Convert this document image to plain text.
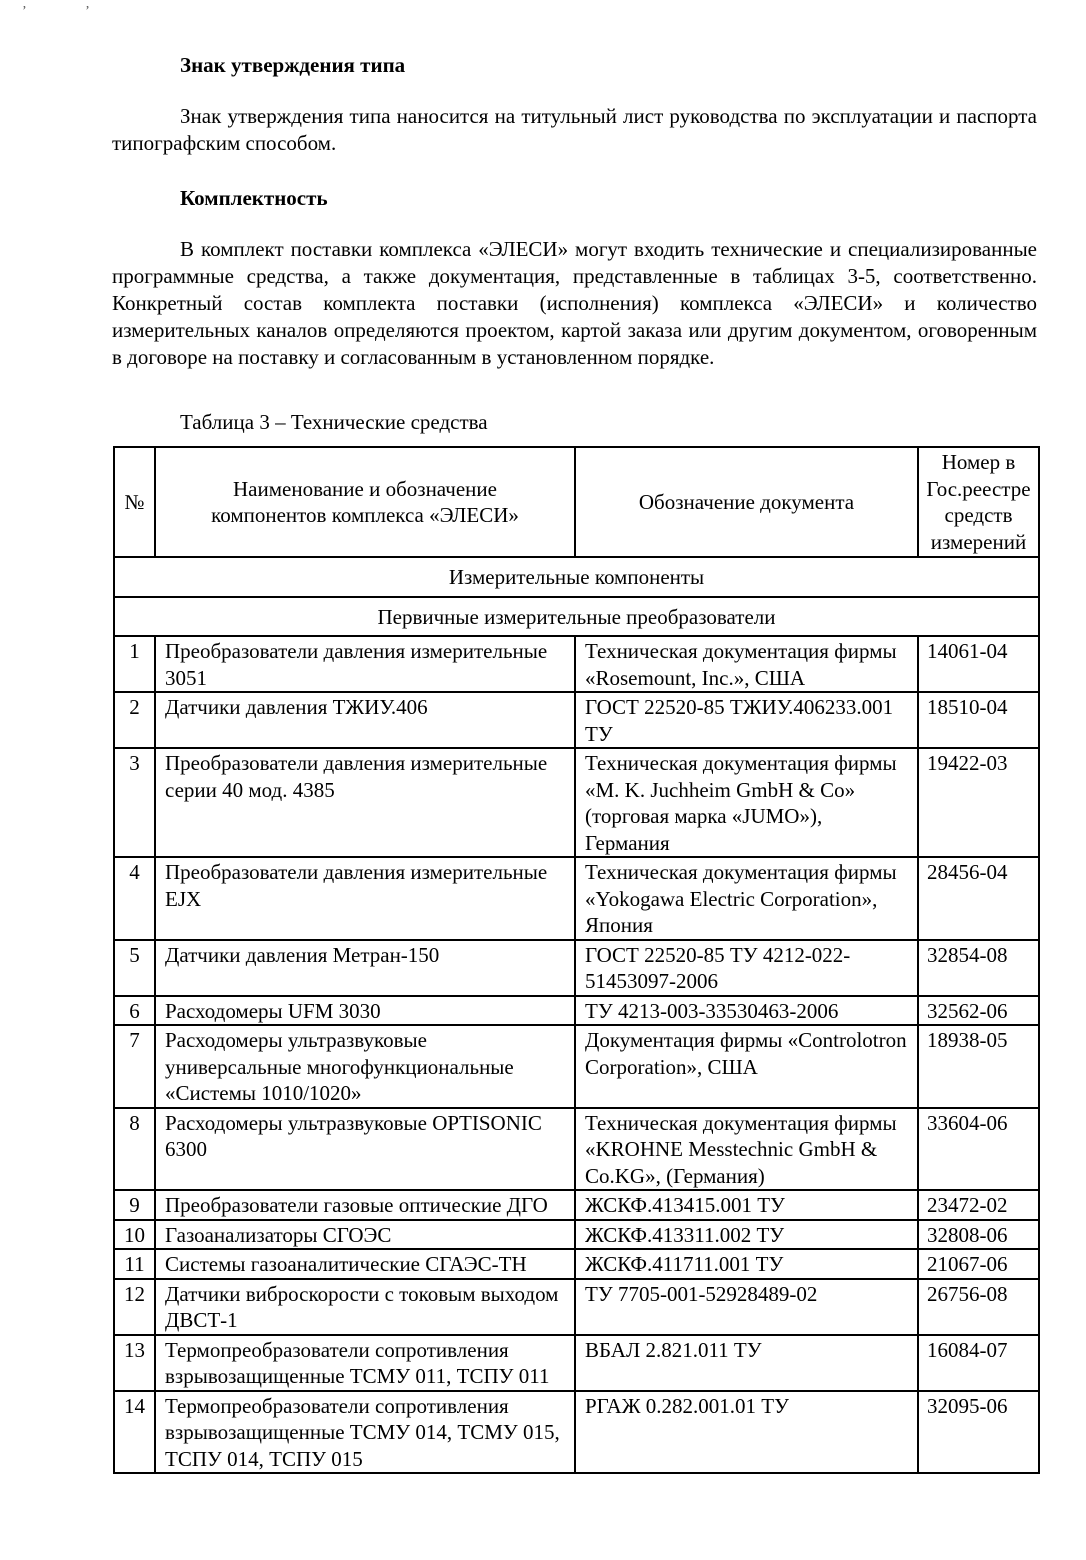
’ ’

Знак утверждения типа

Знак утверждения типа наносится на титульный лист руководства по эксплуатации и паспорта типографским способом.

Комплектность

В комплект поставки комплекса «ЭЛЕСИ» могут входить технические и специализированные программные средства, а также документация, представленные в таблицах 3-5, соответственно. Конкретный состав комплекта поставки (исполнения) комплекса «ЭЛЕСИ» и количество измерительных каналов определяются проектом, картой заказа или другим документом, оговоренным в договоре на поставку и согласованным в установленном порядке.

Таблица 3 – Технические средства

№	Наименование и обозначение компонентов комплекса «ЭЛЕСИ»	Обозначение документа	Номер в Гос.реестре средств измерений
Измерительные компоненты			
Первичные измерительные преобразователи			
1	Преобразователи давления измерительные 3051	Техническая документация фирмы «Rosemount, Inc.», США	14061-04
2	Датчики давления ТЖИУ.406	ГОСТ 22520-85 ТЖИУ.406233.001 ТУ	18510-04
3	Преобразователи давления измерительные серии 40 мод. 4385	Техническая документация фирмы «M. K. Juchheim GmbH & Co» (торговая марка «JUMO»), Германия	19422-03
4	Преобразователи давления измерительные EJX	Техническая документация фирмы «Yokogawa Electric Corporation», Япония	28456-04
5	Датчики давления Метран-150	ГОСТ 22520-85 ТУ 4212-022-51453097-2006	32854-08
6	Расходомеры UFM 3030	ТУ 4213-003-33530463-2006	32562-06
7	Расходомеры ультразвуковые универсальные многофункциональные «Системы 1010/1020»	Документация фирмы «Controlotron Corporation», США	18938-05
8	Расходомеры ультразвуковые OPTISONIC 6300	Техническая документация фирмы «KROHNE Messtechnic GmbH & Co.KG», (Германия)	33604-06
9	Преобразователи газовые оптические ДГО	ЖСКФ.413415.001 ТУ	23472-02
10	Газоанализаторы СГОЭС	ЖСКФ.413311.002 ТУ	32808-06
11	Системы газоаналитические СГАЭС-ТН	ЖСКФ.411711.001 ТУ	21067-06
12	Датчики виброскорости с токовым выходом ДВСТ-1	ТУ 7705-001-52928489-02	26756-08
13	Термопреобразователи сопротивления взрывозащищенные ТСМУ 011, ТСПУ 011	ВБАЛ 2.821.011 ТУ	16084-07
14	Термопреобразователи сопротивления взрывозащищенные ТСМУ 014, ТСМУ 015, ТСПУ 014, ТСПУ 015	РГАЖ 0.282.001.01 ТУ	32095-06
